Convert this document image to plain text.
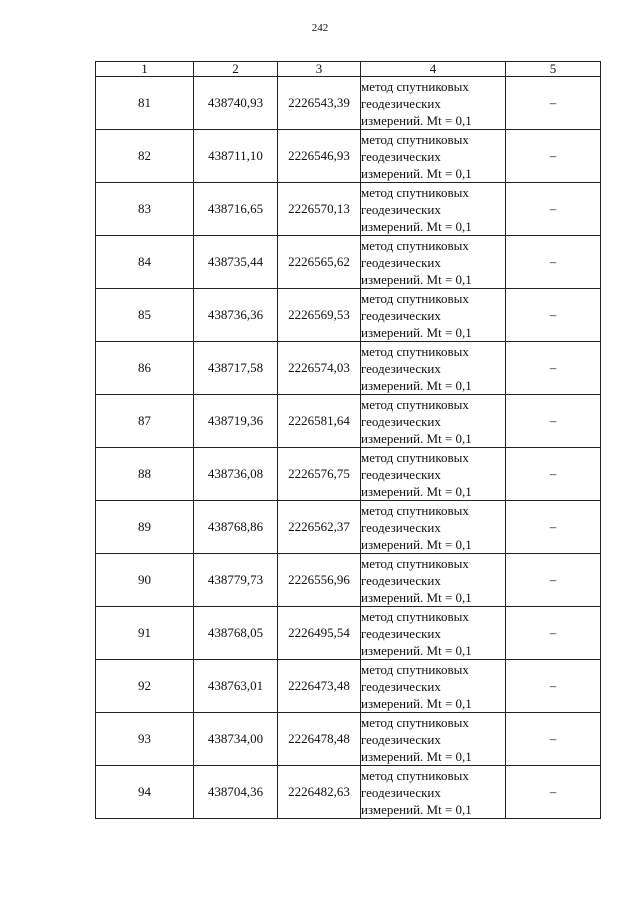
242
1	2	3	4	5
81	438740,93	2226543,39	метод спутниковых
геодезических
измерений. Mt = 0,1	–
82	438711,10	2226546,93	метод спутниковых
геодезических
измерений. Mt = 0,1	–
83	438716,65	2226570,13	метод спутниковых
геодезических
измерений. Mt = 0,1	–
84	438735,44	2226565,62	метод спутниковых
геодезических
измерений. Mt = 0,1	–
85	438736,36	2226569,53	метод спутниковых
геодезических
измерений. Mt = 0,1	–
86	438717,58	2226574,03	метод спутниковых
геодезических
измерений. Mt = 0,1	–
87	438719,36	2226581,64	метод спутниковых
геодезических
измерений. Mt = 0,1	–
88	438736,08	2226576,75	метод спутниковых
геодезических
измерений. Mt = 0,1	–
89	438768,86	2226562,37	метод спутниковых
геодезических
измерений. Mt = 0,1	–
90	438779,73	2226556,96	метод спутниковых
геодезических
измерений. Mt = 0,1	–
91	438768,05	2226495,54	метод спутниковых
геодезических
измерений. Mt = 0,1	–
92	438763,01	2226473,48	метод спутниковых
геодезических
измерений. Mt = 0,1	–
93	438734,00	2226478,48	метод спутниковых
геодезических
измерений. Mt = 0,1	–
94	438704,36	2226482,63	метод спутниковых
геодезических
измерений. Mt = 0,1	–
